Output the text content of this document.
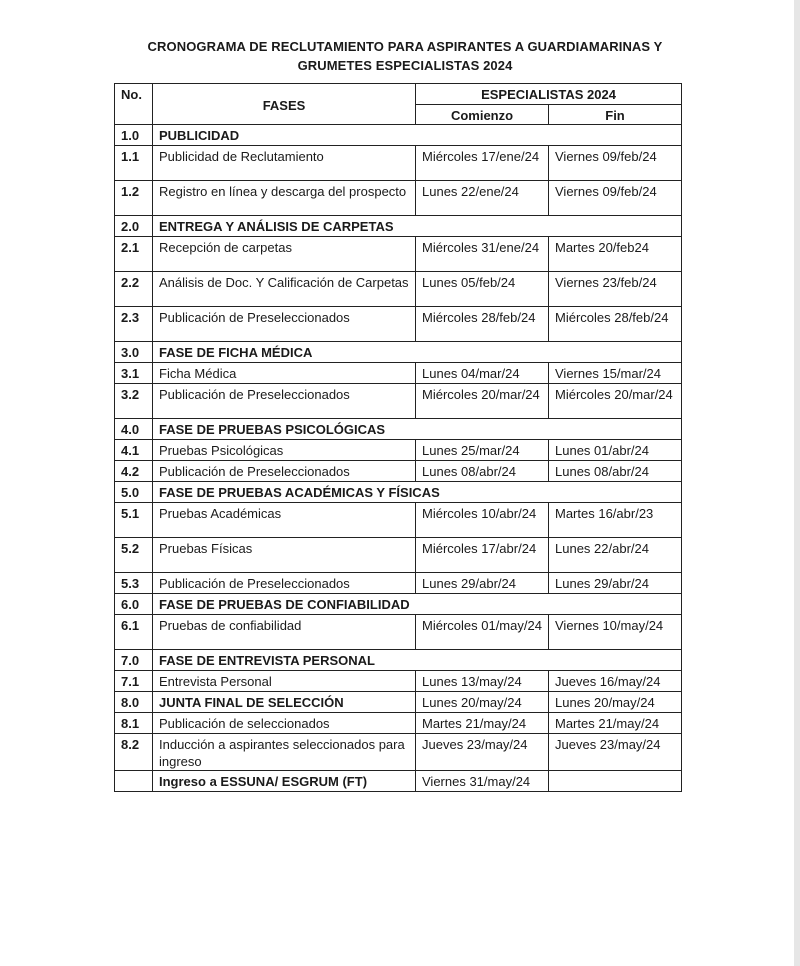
CRONOGRAMA DE RECLUTAMIENTO PARA ASPIRANTES A GUARDIAMARINAS Y
GRUMETES ESPECIALISTAS 2024
No.	FASES	ESPECIALISTAS 2024	
		Comienzo	Fin
1.0	PUBLICIDAD		
1.1	Publicidad de Reclutamiento	Miércoles 17/ene/24	Viernes 09/feb/24
1.2	Registro en línea y descarga del prospecto	Lunes 22/ene/24	Viernes 09/feb/24
2.0	ENTREGA Y ANÁLISIS DE CARPETAS		
2.1	Recepción de carpetas	Miércoles 31/ene/24	Martes 20/feb24
2.2	Análisis de Doc. Y Calificación de Carpetas	Lunes 05/feb/24	Viernes 23/feb/24
2.3	Publicación de Preseleccionados	Miércoles 28/feb/24	Miércoles 28/feb/24
3.0	FASE DE FICHA MÉDICA		
3.1	Ficha Médica	Lunes 04/mar/24	Viernes 15/mar/24
3.2	Publicación de Preseleccionados	Miércoles 20/mar/24	Miércoles 20/mar/24
4.0	FASE DE PRUEBAS PSICOLÓGICAS		
4.1	Pruebas Psicológicas	Lunes 25/mar/24	Lunes 01/abr/24
4.2	Publicación de Preseleccionados	Lunes 08/abr/24	Lunes 08/abr/24
5.0	FASE DE PRUEBAS ACADÉMICAS Y FÍSICAS		
5.1	Pruebas Académicas	Miércoles 10/abr/24	Martes 16/abr/23
5.2	Pruebas Físicas	Miércoles 17/abr/24	Lunes 22/abr/24
5.3	Publicación de Preseleccionados	Lunes 29/abr/24	Lunes 29/abr/24
6.0	FASE DE PRUEBAS DE CONFIABILIDAD		
6.1	Pruebas de confiabilidad	Miércoles 01/may/24	Viernes 10/may/24
7.0	FASE DE ENTREVISTA PERSONAL		
7.1	Entrevista Personal	Lunes 13/may/24	Jueves 16/may/24
8.0	JUNTA FINAL DE SELECCIÓN	Lunes 20/may/24	Lunes 20/may/24
8.1	Publicación de seleccionados	Martes 21/may/24	Martes 21/may/24
8.2	Inducción a aspirantes seleccionados para ingreso	Jueves 23/may/24	Jueves 23/may/24
	Ingreso a ESSUNA/ ESGRUM (FT)	Viernes 31/may/24	
